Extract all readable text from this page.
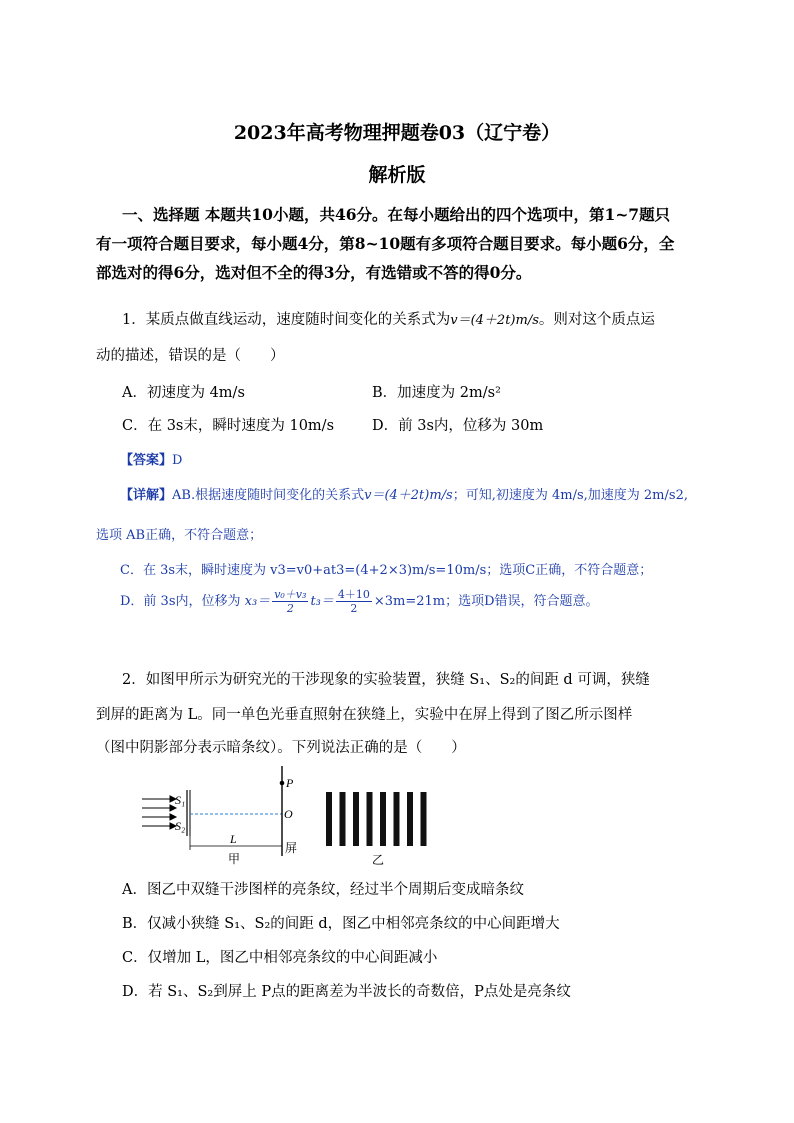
2023年高考物理押题卷03（辽宁卷）
解析版
一、选择题 本题共10小题，共46分。在每小题给出的四个选项中，第1~7题只
有一项符合题目要求，每小题4分，第8~10题有多项符合题目要求。每小题6分，全
部选对的得6分，选对但不全的得3分，有选错或不答的得0分。
1．某质点做直线运动，速度随时间变化的关系式为v＝(4＋2t)m/s。则对这个质点运
动的描述，错误的是（　　）
A．初速度为 4m/s	B．加速度为 2m/s²
C．在 3s末，瞬时速度为 10m/s	D．前 3s内，位移为 30m
【答案】D
【详解】AB.根据速度随时间变化的关系式v＝(4＋2t)m/s；可知,初速度为 4m/s,加速度为 2m/s2,
选项 AB正确，不符合题意；
C．在 3s末，瞬时速度为 v3=v0+at3=(4+2×3)m/s=10m/s；选项C正确，不符合题意；
D．前 3s内，位移为 $x_3= \frac{\text{v₀＋v₃}}{2} t_3= \frac{4+10}{2} \times 3m=21m$；选项D错误，符合题意。
2．如图甲所示为研究光的干涉现象的实验装置，狭缝 S₁、S₂的间距 d 可调，狭缝
到屏的距离为 L。同一单色光垂直照射在狭缝上，实验中在屏上得到了图乙所示图样
（图中阴影部分表示暗条纹）。下列说法正确的是（　　）
S₁
S₂
P
O
L
甲
屏
乙
A．图乙中双缝干涉图样的亮条纹，经过半个周期后变成暗条纹
B．仅减小狭缝 S₁、S₂的间距 d，图乙中相邻亮条纹的中心间距增大
C．仅增加 L，图乙中相邻亮条纹的中心间距减小
D．若 S₁、S₂到屏上 P点的距离差为半波长的奇数倍，P点处是亮条纹
